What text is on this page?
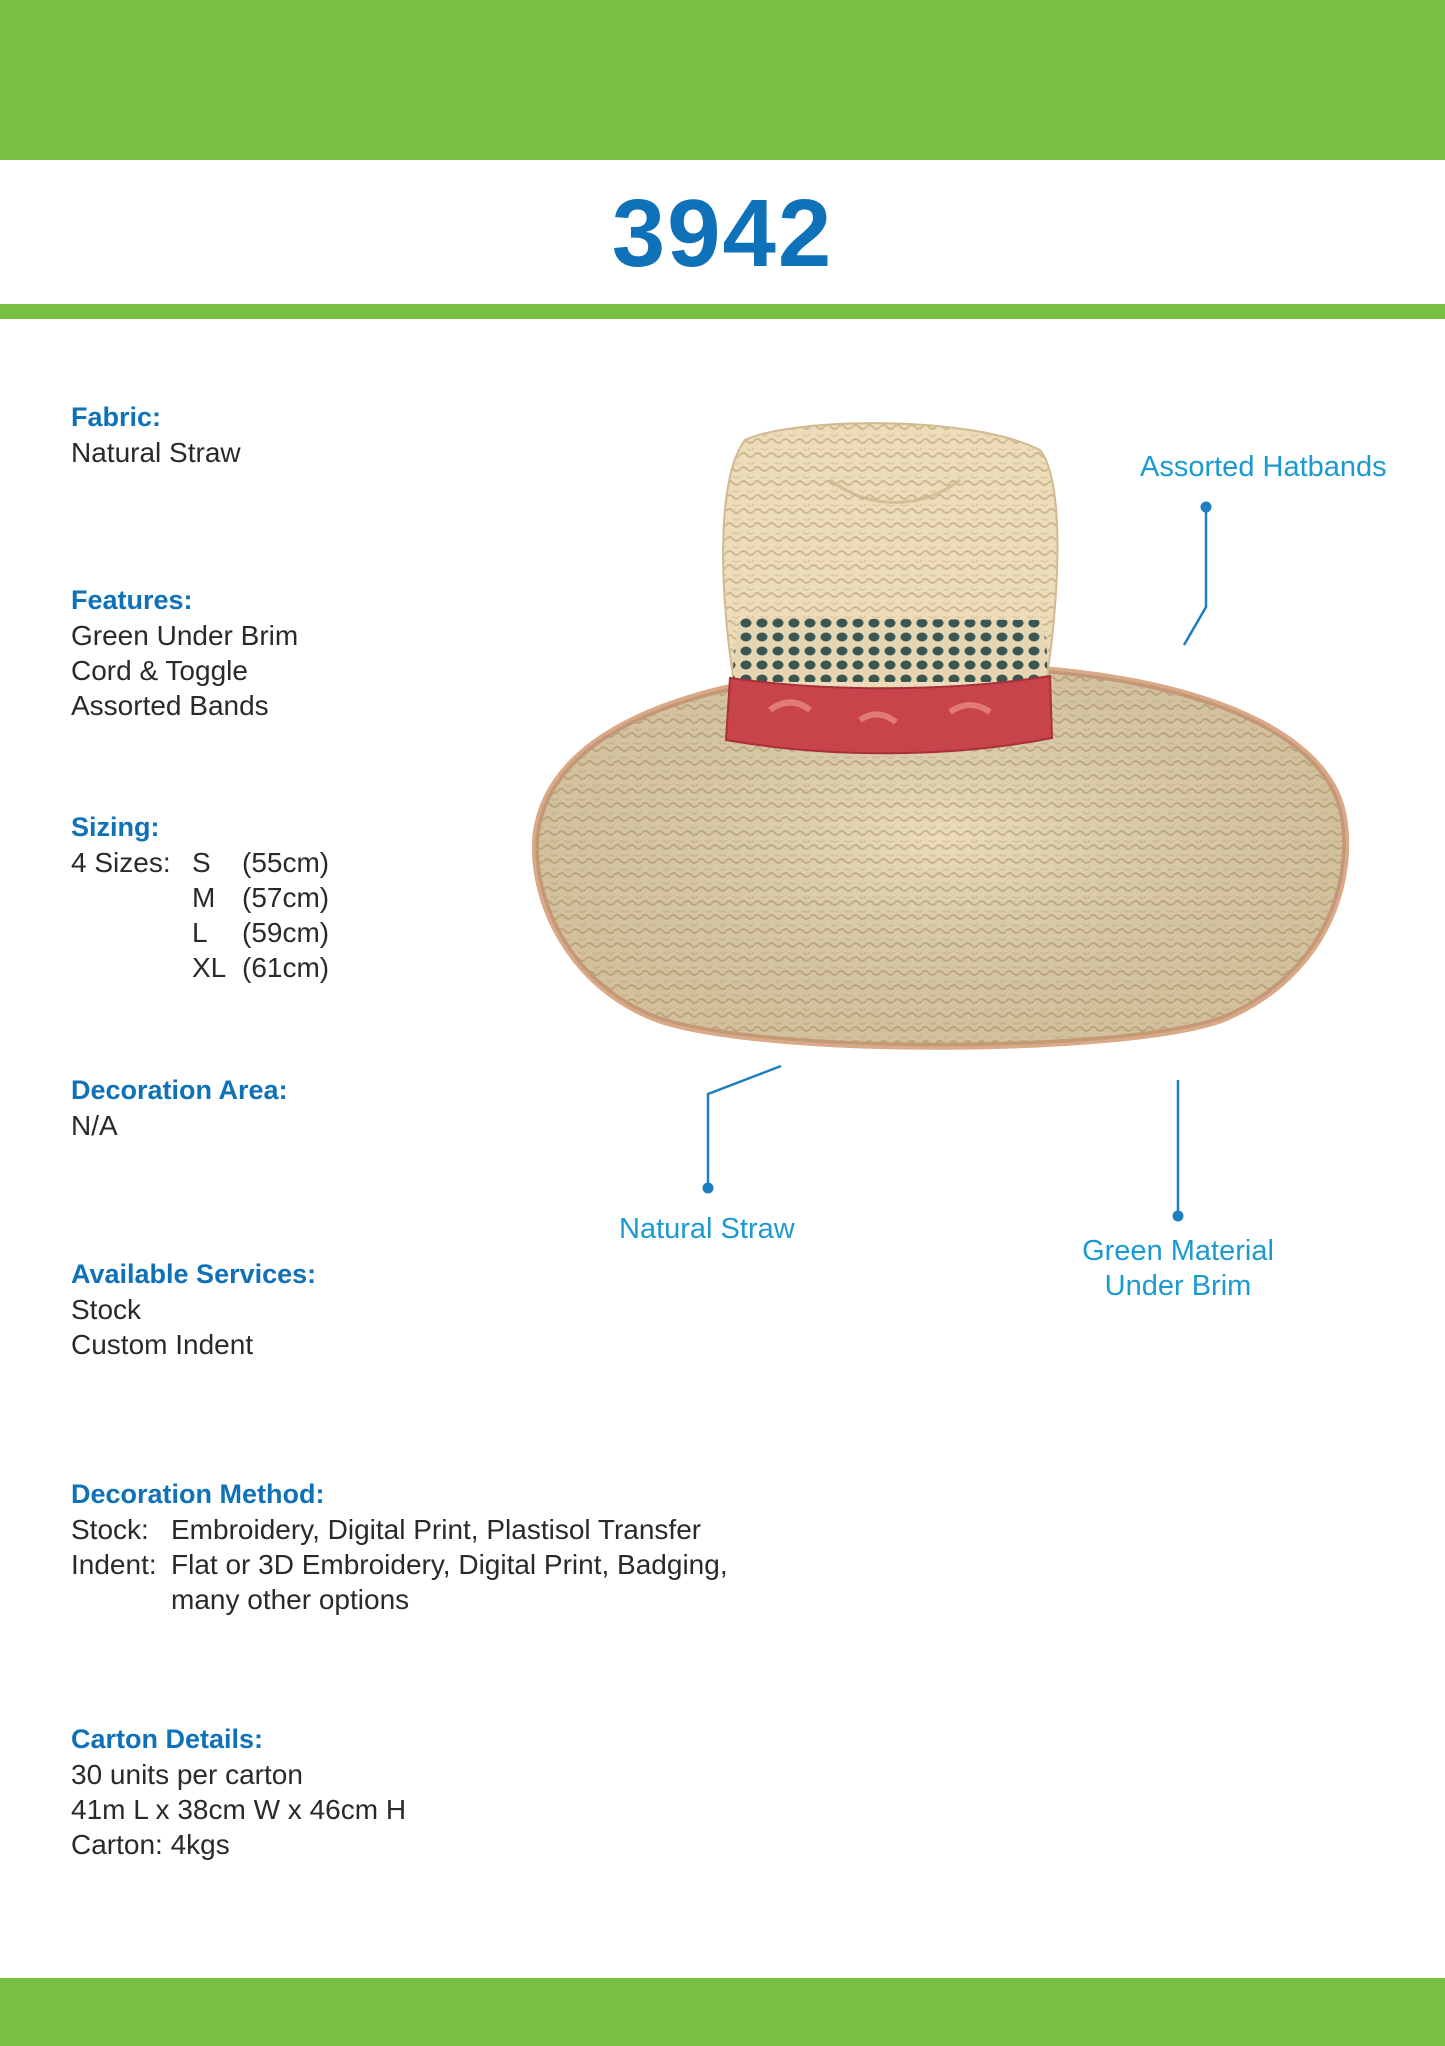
3942
Fabric:
Natural Straw
Features:
Green Under Brim
Cord & Toggle
Assorted Bands
Sizing:
4 Sizes: S	(55cm)
M (57cm)
L	(59cm)
XL (61cm)
Decoration Area:
N/A
Available Services:
Stock
Custom Indent
Decoration Method:
Stock: Embroidery, Digital Print, Plastisol Transfer
Indent: Flat or 3D Embroidery, Digital Print, Badging,
many other options
Carton Details:
30 units per carton
41m L x 38cm W x 46cm H
Carton: 4kgs
Assorted Hatbands
Natural Straw
Green Material
Under Brim
